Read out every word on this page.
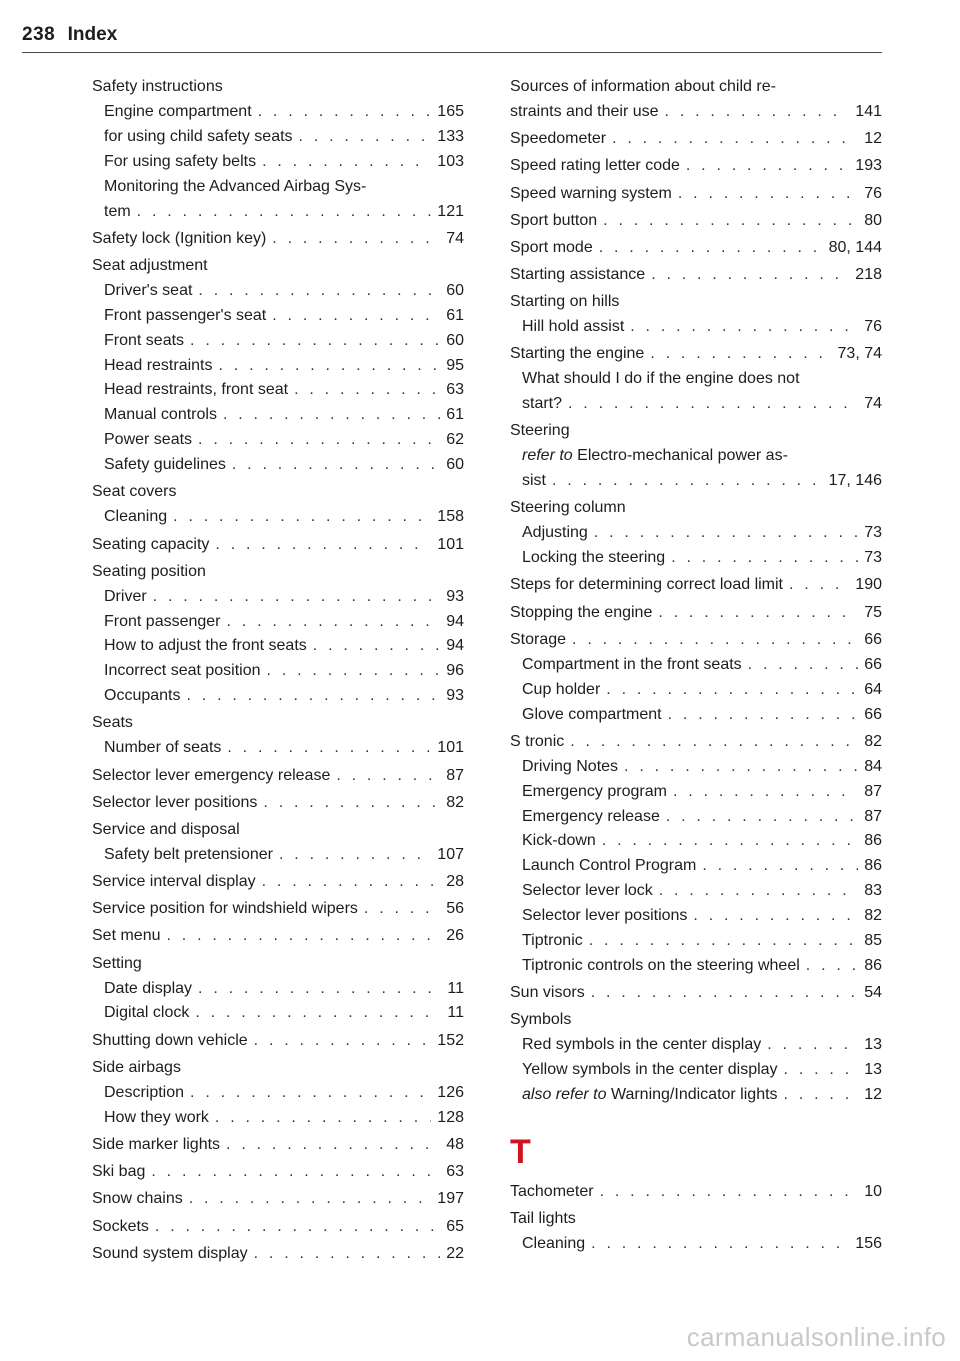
238 Index
Safety instructions
Engine compartment . . .	165
for using child safety seats . . .	133
For using safety belts . . .	103
Monitoring the Advanced Airbag Sys-
tem . . .	121
Safety lock (Ignition key) . . .	74
Seat adjustment
Driver's seat . . .	60
Front passenger's seat . . .	61
Front seats . . .	60
Head restraints . . .	95
Head restraints, front seat . . .	63
Manual controls . . .	61
Power seats . . .	62
Safety guidelines . . .	60
Seat covers
Cleaning . . .	158
Seating capacity . . .	101
Seating position
Driver . . .	93
Front passenger . . .	94
How to adjust the front seats . . .	94
Incorrect seat position . . .	96
Occupants . . .	93
Seats
Number of seats . . .	101
Selector lever emergency release . . .	87
Selector lever positions . . .	82
Service and disposal
Safety belt pretensioner . . .	107
Service interval display . . .	28
Service position for windshield wipers . . .	56
Set menu . . .	26
Setting
Date display . . .	11
Digital clock . . .	11
Shutting down vehicle . . .	152
Side airbags
Description . . .	126
How they work . . .	128
Side marker lights . . .	48
Ski bag . . .	63
Snow chains . . .	197
Sockets . . .	65
Sound system display . . .	22
Sources of information about child re-
straints and their use . . .	141
Speedometer . . .	12
Speed rating letter code . . .	193
Speed warning system . . .	76
Sport button . . .	80
Sport mode . . .	80, 144
Starting assistance . . .	218
Starting on hills
Hill hold assist . . .	76
Starting the engine . . .	73, 74
What should I do if the engine does not
start? . . .	74
Steering
refer to Electro-mechanical power as-
sist . . .	17, 146
Steering column
Adjusting . . .	73
Locking the steering . . .	73
Steps for determining correct load limit . . .	190
Stopping the engine . . .	75
Storage . . .	66
Compartment in the front seats . . .	66
Cup holder . . .	64
Glove compartment . . .	66
S tronic . . .	82
Driving Notes . . .	84
Emergency program . . .	87
Emergency release . . .	87
Kick-down . . .	86
Launch Control Program . . .	86
Selector lever lock . . .	83
Selector lever positions . . .	82
Tiptronic . . .	85
Tiptronic controls on the steering wheel . . .	86
Sun visors . . .	54
Symbols
Red symbols in the center display . . .	13
Yellow symbols in the center display . . .	13
also refer to Warning/Indicator lights . . .	12
T
Tachometer . . .	10
Tail lights
Cleaning . . .	156
carmanualsonline.info
